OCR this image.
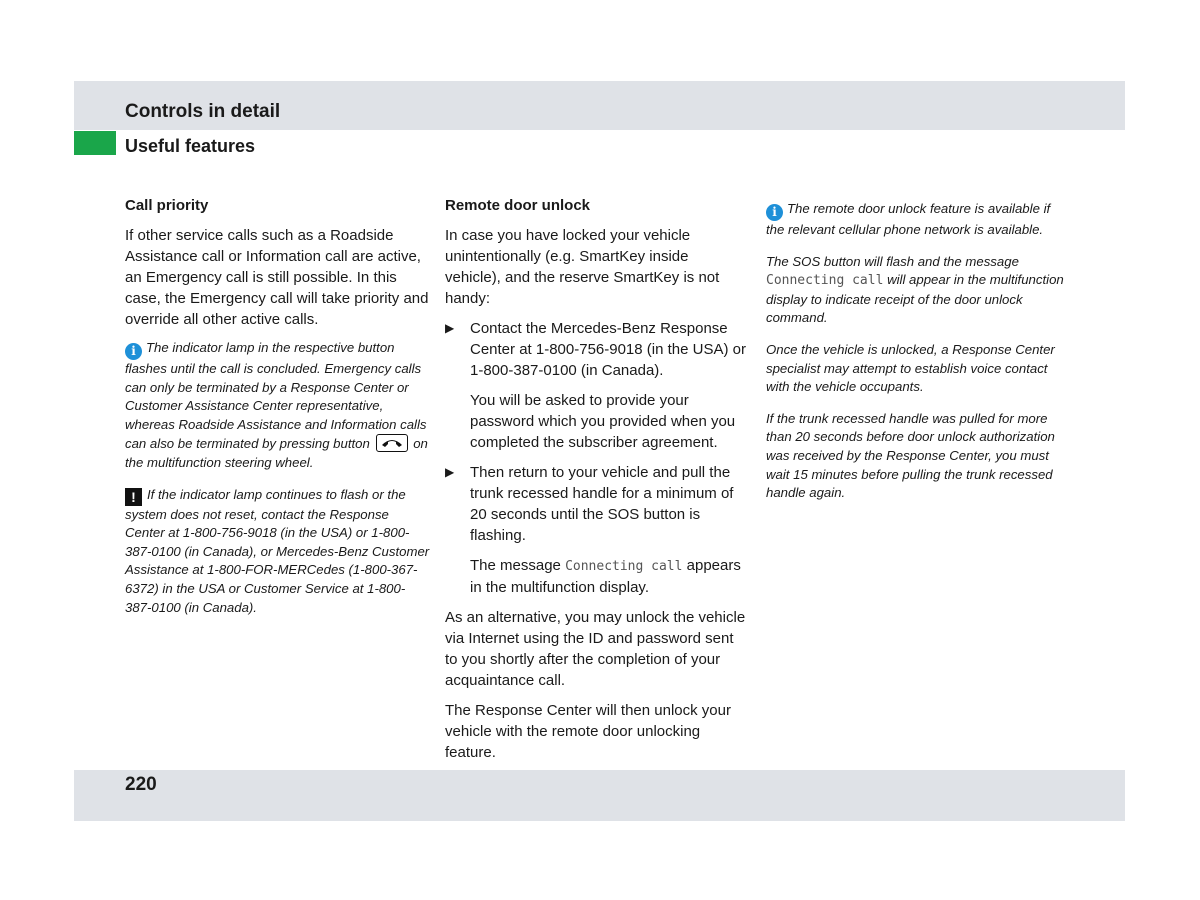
Controls in detail
Useful features
Call priority

If other service calls such as a Roadside Assistance call or Information call are active, an Emergency call is still possible. In this case, the Emergency call will take priority and override all other active calls.

i The indicator lamp in the respective button flashes until the call is concluded. Emergency calls can only be terminated by a Response Center or Customer Assistance Center representative, whereas Roadside Assistance and Information calls can also be terminated by pressing button	on the multifunction steering wheel.

! If the indicator lamp continues to flash or the system does not reset, contact the Response Center at 1-800-756-9018 (in the USA) or 1-800-387-0100 (in Canada), or Mercedes-Benz Customer Assistance at 1-800-FOR-MERCedes (1-800-367-6372) in the USA or Customer Service at 1-800-387-0100 (in Canada).

Remote door unlock

In case you have locked your vehicle unintentionally (e.g. SmartKey inside vehicle), and the reserve SmartKey is not handy:

▶ Contact the Mercedes-Benz Response Center at 1-800-756-9018 (in the USA) or 1-800-387-0100 (in Canada).
You will be asked to provide your password which you provided when you completed the subscriber agreement.
▶ Then return to your vehicle and pull the trunk recessed handle for a minimum of 20 seconds until the SOS button is flashing.
The message Connecting call appears in the multifunction display.

As an alternative, you may unlock the vehicle via Internet using the ID and password sent to you shortly after the completion of your acquaintance call.

The Response Center will then unlock your vehicle with the remote door unlocking feature.

i The remote door unlock feature is available if the relevant cellular phone network is available.

The SOS button will flash and the message Connecting call will appear in the multifunction display to indicate receipt of the door unlock command.

Once the vehicle is unlocked, a Response Center specialist may attempt to establish voice contact with the vehicle occupants.

If the trunk recessed handle was pulled for more than 20 seconds before door unlock authorization was received by the Response Center, you must wait 15 minutes before pulling the trunk recessed handle again.

220
